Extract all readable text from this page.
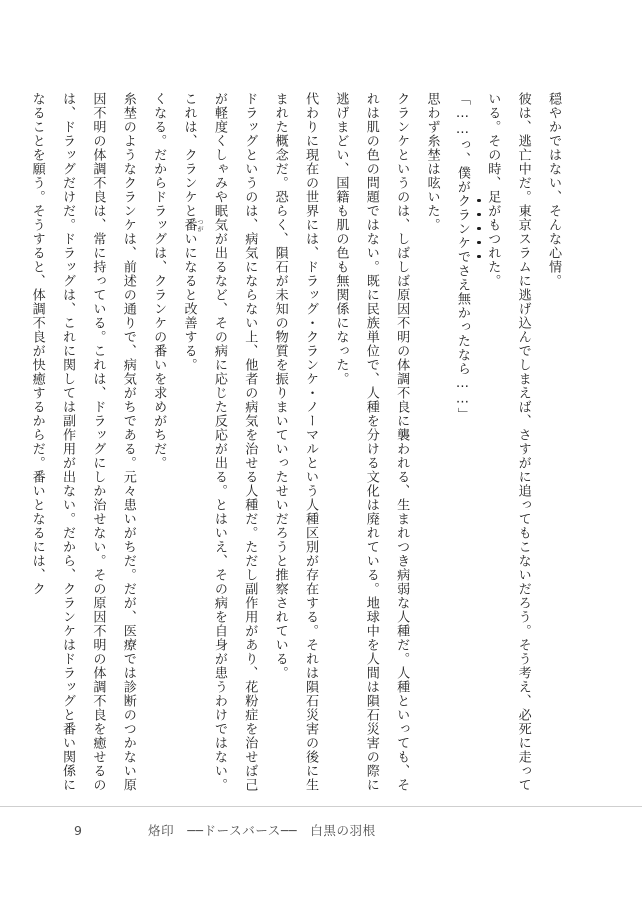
穏やかではない、そんな心情。

彼は、逃亡中だ。東京スラムに逃げ込んでしまえば、さすがに追ってもこないだろう。そう考え、必死に走っている。その時、足がもつれた。

「……っ、僕がクランケでさえ無かったなら……」

思わず糸埜は呟いた。

クランケというのは、しばしば原因不明の体調不良に襲われる、生まれつき病弱な人種だ。人種といっても、それは肌の色の問題ではない。既に民族単位で、人種を分ける文化は廃れている。地球中を人間は隕石災害の際に逃げまどい、国籍も肌の色も無関係になった。

代わりに現在の世界には、ドラッグ・クランケ・ノーマルという人種区別が存在する。それは隕石災害の後に生まれた概念だ。恐らく、隕石が未知の物質を振りまいていったせいだろうと推察されている。

ドラッグというのは、病気にならない上、他者の病気を治せる人種だ。ただし副作用があり、花粉症を治せば己が軽度くしゃみや眠気が出るなど、その病に応じた反応が出る。とはいえ、その病を自身が患うわけではない。これは、クランケと番 つがいになると改善する。

くなる。だからドラッグは、クランケの番いを求めがちだ。

糸埜のようなクランケは、前述の通りで、病気がちである。元々患いがちだ。だが、医療では診断のつかない原因不明の体調不良は、常に持っている。これは、ドラッグにしか治せない。その原因不明の体調不良を癒せるのは、ドラッグだけだ。ドラッグは、これに関しては副作用が出ない。だから、クランケはドラッグと番い関係になることを願う。そうすると、体調不良が快癒するからだ。番いとなるには、ク

9	烙印　──ドースバース──　白黒の羽根
